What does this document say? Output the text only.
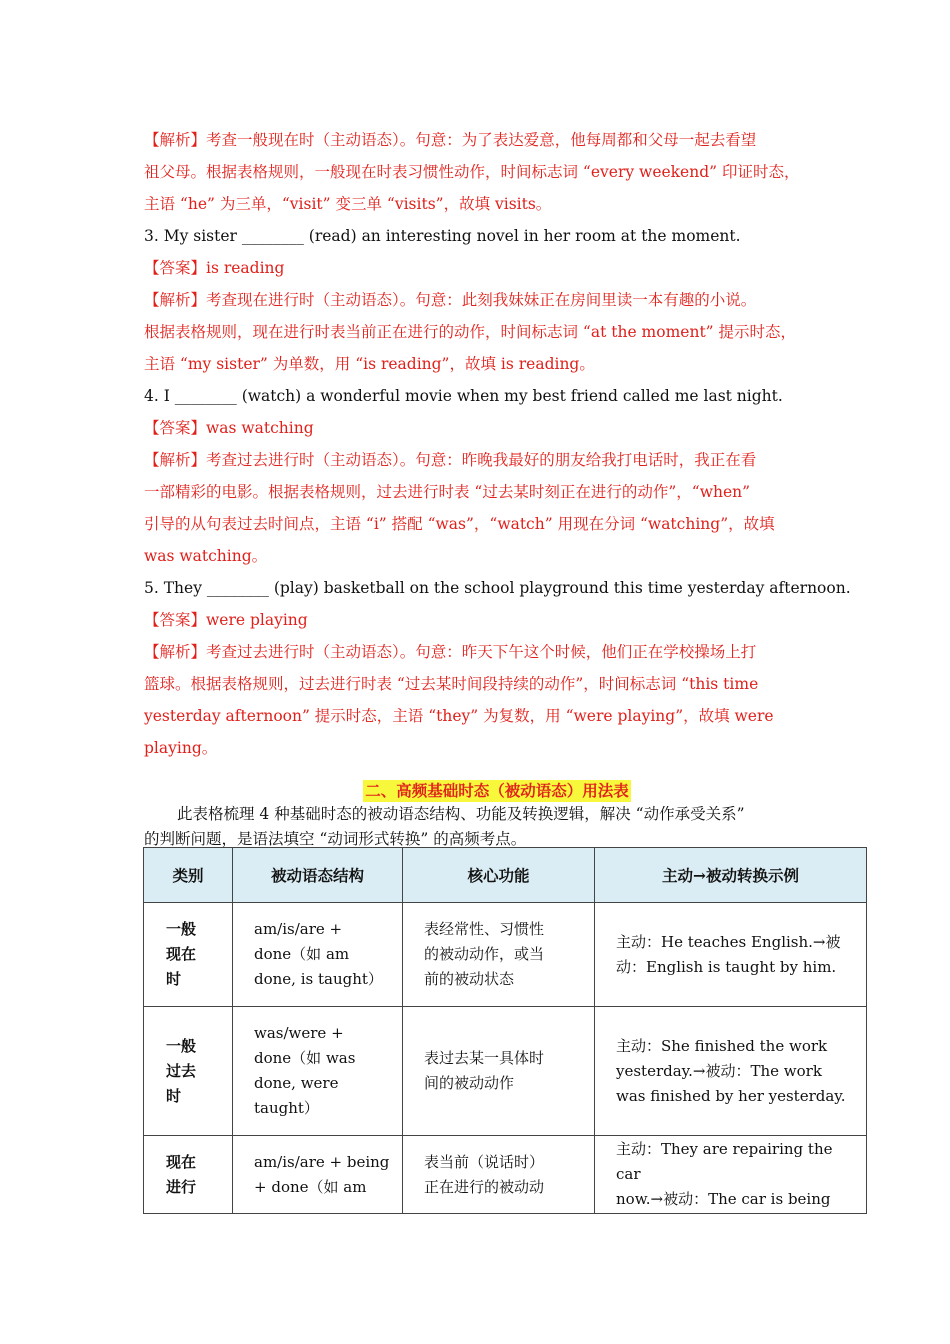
【解析】考查一般现在时（主动语态）。句意：为了表达爱意，他每周都和父母一起去看望
祖父母。根据表格规则，一般现在时表习惯性动作，时间标志词 “every weekend” 印证时态，
主语 “he” 为三单，“visit” 变三单 “visits”，故填 visits。
3. My sister ________ (read) an interesting novel in her room at the moment.
【答案】is reading
【解析】考查现在进行时（主动语态）。句意：此刻我妹妹正在房间里读一本有趣的小说。
根据表格规则，现在进行时表当前正在进行的动作，时间标志词 “at the moment” 提示时态，
主语 “my sister” 为单数，用 “is reading”，故填 is reading。
4. I ________ (watch) a wonderful movie when my best friend called me last night.
【答案】was watching
【解析】考查过去进行时（主动语态）。句意：昨晚我最好的朋友给我打电话时，我正在看
一部精彩的电影。根据表格规则，过去进行时表 “过去某时刻正在进行的动作”，“when”
引导的从句表过去时间点，主语 “i” 搭配 “was”，“watch” 用现在分词 “watching”，故填
was watching。
5. They ________ (play) basketball on the school playground this time yesterday afternoon.
【答案】were playing
【解析】考查过去进行时（主动语态）。句意：昨天下午这个时候，他们正在学校操场上打
篮球。根据表格规则，过去进行时表 “过去某时间段持续的动作”，时间标志词 “this time
yesterday afternoon” 提示时态，主语 “they” 为复数，用 “were playing”，故填 were
playing。
二、高频基础时态（被动语态）用法表
此表格梳理 4 种基础时态的被动语态结构、功能及转换逻辑，解决 “动作承受关系”
的判断问题，是语法填空 “动词形式转换” 的高频考点。
类别	被动语态结构	核心功能	主动→被动转换示例

一般
现在
时	am/is/are +
done（如 am
done, is taught）	表经常性、习惯性
的被动动作，或当
前的被动状态	主动：He teaches English.→被
动：English is taught by him.

一般
过去
时	was/were +
done（如 was
done, were
taught）	表过去某一具体时
间的被动动作	主动：She finished the work
yesterday.→被动：The work
was finished by her yesterday.

现在
进行	am/is/are + being
+ done（如 am	表当前（说话时）
正在进行的被动动	主动：They are repairing the car
now.→被动：The car is being
